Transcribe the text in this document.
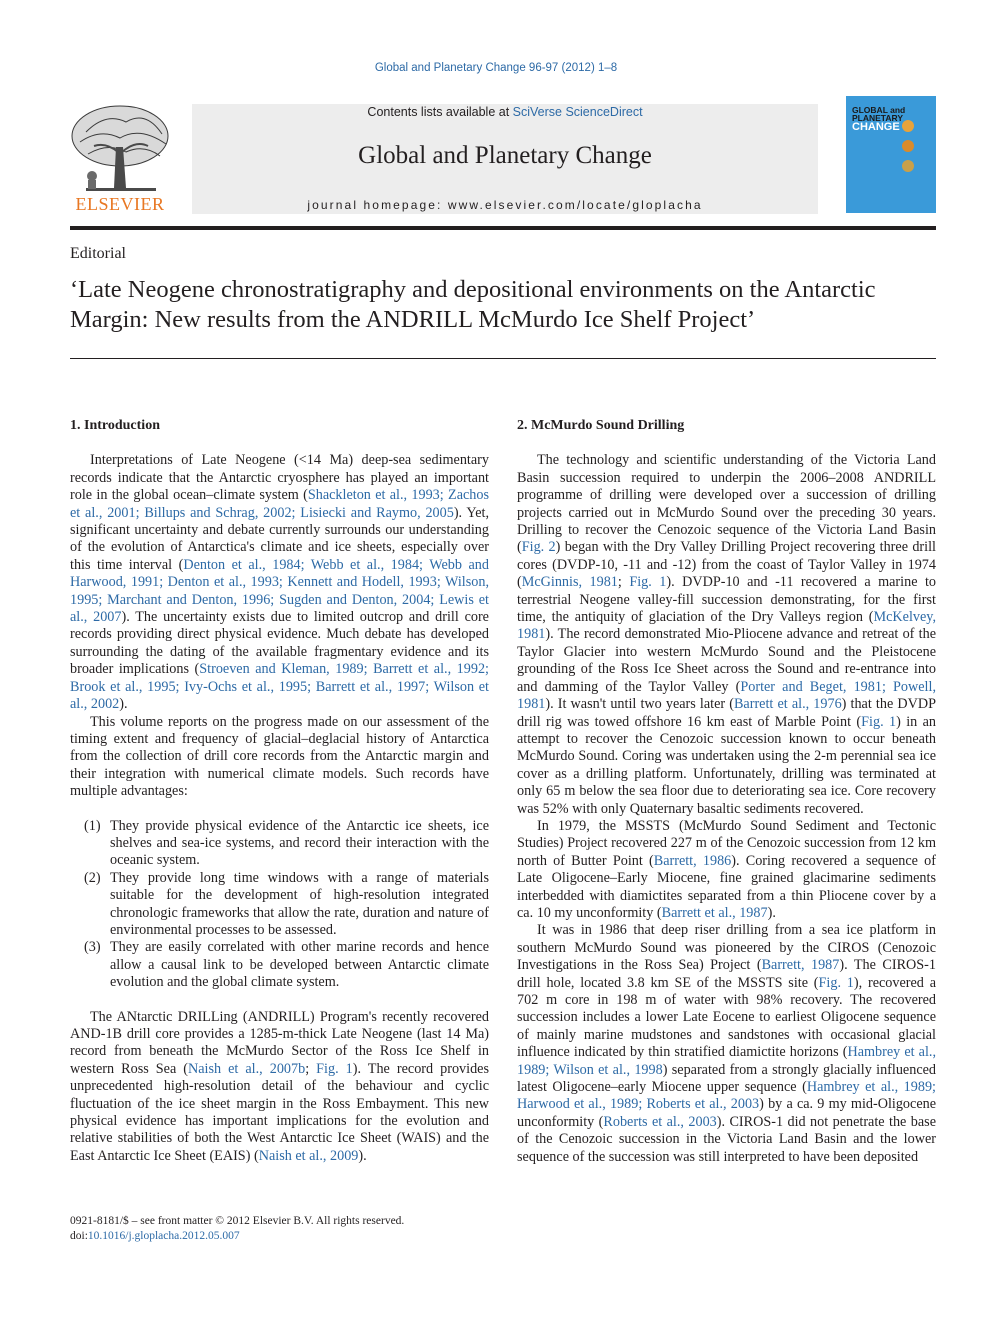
Global and Planetary Change 96-97 (2012) 1–8
ELSEVIER
Contents lists available at SciVerse ScienceDirect
Global and Planetary Change
journal homepage: www.elsevier.com/locate/gloplacha
GLOBAL and
PLANETARY
CHANGE
Editorial
‘Late Neogene chronostratigraphy and depositional environments on the Antarctic Margin: New results from the ANDRILL McMurdo Ice Shelf Project’
1. Introduction

Interpretations of Late Neogene (<14 Ma) deep-sea sedimentary records indicate that the Antarctic cryosphere has played an important role in the global ocean–climate system (Shackleton et al., 1993; Zachos et al., 2001; Billups and Schrag, 2002; Lisiecki and Raymo, 2005). Yet, significant uncertainty and debate currently surrounds our understanding of the evolution of Antarctica's climate and ice sheets, especially over this time interval (Denton et al., 1984; Webb et al., 1984; Webb and Harwood, 1991; Denton et al., 1993; Kennett and Hodell, 1993; Wilson, 1995; Marchant and Denton, 1996; Sugden and Denton, 2004; Lewis et al., 2007). The uncertainty exists due to limited outcrop and drill core records providing direct physical evidence. Much debate has developed surrounding the dating of the available fragmentary evidence and its broader implications (Stroeven and Kleman, 1989; Barrett et al., 1992; Brook et al., 1995; Ivy-Ochs et al., 1995; Barrett et al., 1997; Wilson et al., 2002).

This volume reports on the progress made on our assessment of the timing extent and frequency of glacial–deglacial history of Antarctica from the collection of drill core records from the Antarctic margin and their integration with numerical climate models. Such records have multiple advantages:

(1) They provide physical evidence of the Antarctic ice sheets, ice shelves and sea-ice systems, and record their interaction with the oceanic system.
(2) They provide long time windows with a range of materials suitable for the development of high-resolution integrated chronologic frameworks that allow the rate, duration and nature of environmental processes to be assessed.
(3) They are easily correlated with other marine records and hence allow a causal link to be developed between Antarctic climate evolution and the global climate system.

The ANtarctic DRILLing (ANDRILL) Program's recently recovered AND-1B drill core provides a 1285-m-thick Late Neogene (last 14 Ma) record from beneath the McMurdo Sector of the Ross Ice Shelf in western Ross Sea (Naish et al., 2007b; Fig. 1). The record provides unprecedented high-resolution detail of the behaviour and cyclic fluctuation of the ice sheet margin in the Ross Embayment. This new physical evidence has important implications for the evolution and relative stabilities of both the West Antarctic Ice Sheet (WAIS) and the East Antarctic Ice Sheet (EAIS) (Naish et al., 2009).

2. McMurdo Sound Drilling

The technology and scientific understanding of the Victoria Land Basin succession required to underpin the 2006–2008 ANDRILL programme of drilling were developed over a succession of drilling projects carried out in McMurdo Sound over the preceding 30 years. Drilling to recover the Cenozoic sequence of the Victoria Land Basin (Fig. 2) began with the Dry Valley Drilling Project recovering three drill cores (DVDP-10, -11 and -12) from the coast of Taylor Valley in 1974 (McGinnis, 1981; Fig. 1). DVDP-10 and -11 recovered a marine to terrestrial Neogene valley-fill succession demonstrating, for the first time, the antiquity of glaciation of the Dry Valleys region (McKelvey, 1981). The record demonstrated Mio-Pliocene advance and retreat of the Taylor Glacier into western McMurdo Sound and the Pleistocene grounding of the Ross Ice Sheet across the Sound and re-entrance into and damming of the Taylor Valley (Porter and Beget, 1981; Powell, 1981). It wasn't until two years later (Barrett et al., 1976) that the DVDP drill rig was towed offshore 16 km east of Marble Point (Fig. 1) in an attempt to recover the Cenozoic succession known to occur beneath McMurdo Sound. Coring was undertaken using the 2-m perennial sea ice cover as a drilling platform. Unfortunately, drilling was terminated at only 65 m below the sea floor due to deteriorating sea ice. Core recovery was 52% with only Quaternary basaltic sediments recovered.

In 1979, the MSSTS (McMurdo Sound Sediment and Tectonic Studies) Project recovered 227 m of the Cenozoic succession from 12 km north of Butter Point (Barrett, 1986). Coring recovered a sequence of Late Oligocene–Early Miocene, fine grained glacimarine sediments interbedded with diamictites separated from a thin Pliocene cover by a ca. 10 my unconformity (Barrett et al., 1987).

It was in 1986 that deep riser drilling from a sea ice platform in southern McMurdo Sound was pioneered by the CIROS (Cenozoic Investigations in the Ross Sea) Project (Barrett, 1987). The CIROS-1 drill hole, located 3.8 km SE of the MSSTS site (Fig. 1), recovered a 702 m core in 198 m of water with 98% recovery. The recovered succession includes a lower Late Eocene to earliest Oligocene sequence of mainly marine mudstones and sandstones with occasional glacial influence indicated by thin stratified diamictite horizons (Hambrey et al., 1989; Wilson et al., 1998) separated from a strongly glacially influenced latest Oligocene–early Miocene upper sequence (Hambrey et al., 1989; Harwood et al., 1989; Roberts et al., 2003) by a ca. 9 my mid-Oligocene unconformity (Roberts et al., 2003). CIROS-1 did not penetrate the base of the Cenozoic succession in the Victoria Land Basin and the lower sequence of the succession was still interpreted to have been deposited

0921-8181/$ – see front matter © 2012 Elsevier B.V. All rights reserved.
doi:10.1016/j.gloplacha.2012.05.007
